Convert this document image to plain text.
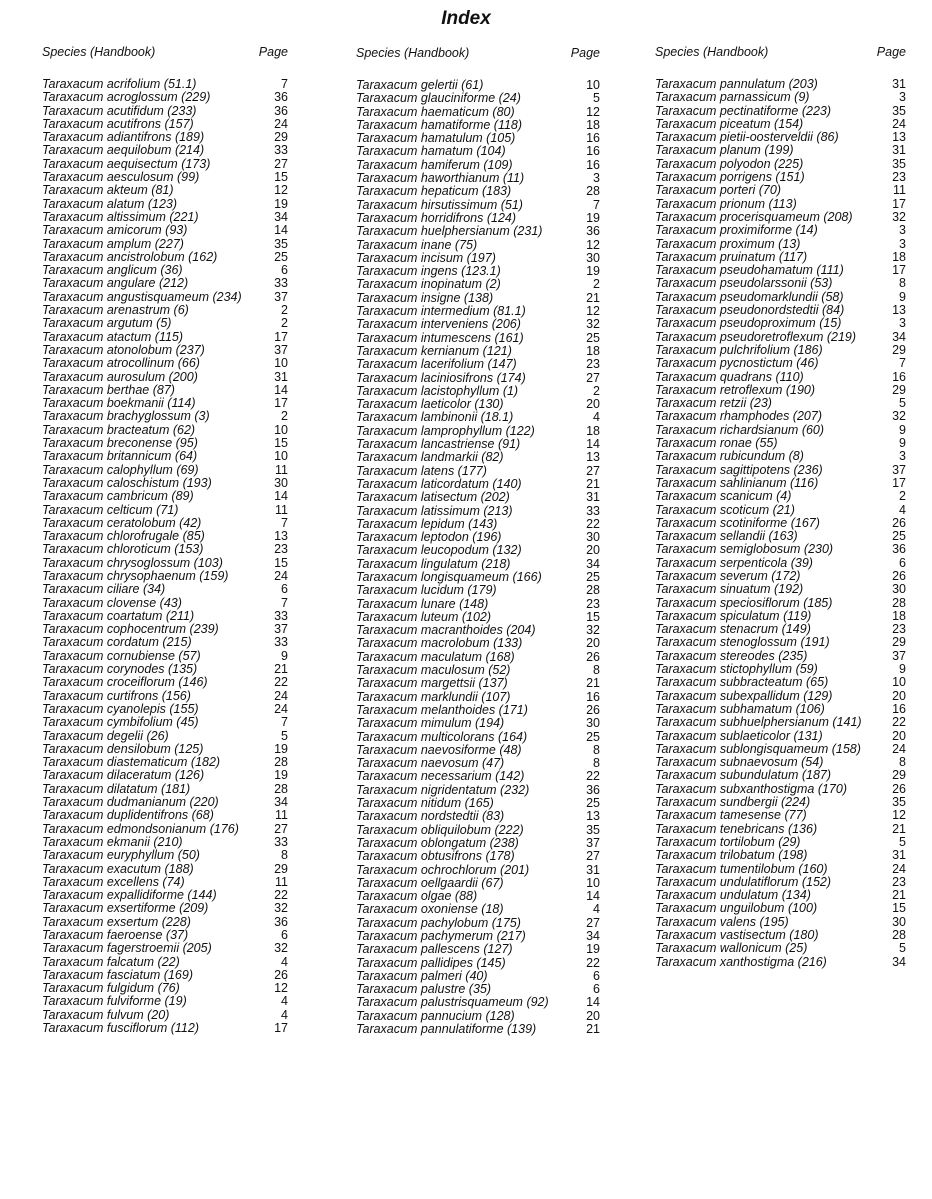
Index
Species (Handbook)	Page
Taraxacum acrifolium (51.1)	7
Taraxacum acroglossum (229)	36
Taraxacum acutifidum (233)	36
Taraxacum acutifrons (157)	24
Taraxacum adiantifrons (189)	29
Taraxacum aequilobum (214)	33
Taraxacum aequisectum (173)	27
Taraxacum aesculosum (99)	15
Taraxacum akteum (81)	12
Taraxacum alatum (123)	19
Taraxacum altissimum (221)	34
Taraxacum amicorum (93)	14
Taraxacum amplum (227)	35
Taraxacum ancistrolobum (162)	25
Taraxacum anglicum (36)	6
Taraxacum angulare (212)	33
Taraxacum angustisquameum (234)	37
Taraxacum arenastrum (6)	2
Taraxacum argutum (5)	2
Taraxacum atactum (115)	17
Taraxacum atonolobum (237)	37
Taraxacum atrocollinum (66)	10
Taraxacum aurosulum (200)	31
Taraxacum berthae (87)	14
Taraxacum boekmanii (114)	17
Taraxacum brachyglossum (3)	2
Taraxacum bracteatum (62)	10
Taraxacum breconense (95)	15
Taraxacum britannicum (64)	10
Taraxacum calophyllum (69)	11
Taraxacum caloschistum (193)	30
Taraxacum cambricum (89)	14
Taraxacum celticum (71)	11
Taraxacum ceratolobum (42)	7
Taraxacum chlorofrugale (85)	13
Taraxacum chloroticum (153)	23
Taraxacum chrysoglossum (103)	15
Taraxacum chrysophaenum (159)	24
Taraxacum ciliare (34)	6
Taraxacum clovense (43)	7
Taraxacum coartatum (211)	33
Taraxacum cophocentrum (239)	37
Taraxacum cordatum (215)	33
Taraxacum cornubiense (57)	9
Taraxacum corynodes (135)	21
Taraxacum croceiflorum (146)	22
Taraxacum curtifrons (156)	24
Taraxacum cyanolepis (155)	24
Taraxacum cymbifolium (45)	7
Taraxacum degelii (26)	5
Taraxacum densilobum (125)	19
Taraxacum diastematicum (182)	28
Taraxacum dilaceratum (126)	19
Taraxacum dilatatum (181)	28
Taraxacum dudmanianum (220)	34
Taraxacum duplidentifrons (68)	11
Taraxacum edmondsonianum (176)	27
Taraxacum ekmanii (210)	33
Taraxacum euryphyllum (50)	8
Taraxacum exacutum (188)	29
Taraxacum excellens (74)	11
Taraxacum expallidiforme (144)	22
Taraxacum exsertiforme (209)	32
Taraxacum exsertum (228)	36
Taraxacum faeroense (37)	6
Taraxacum fagerstroemii (205)	32
Taraxacum falcatum (22)	4
Taraxacum fasciatum (169)	26
Taraxacum fulgidum (76)	12
Taraxacum fulviforme (19)	4
Taraxacum fulvum (20)	4
Taraxacum fusciflorum (112)	17
Species (Handbook)	Page
Taraxacum gelertii (61)	10
Taraxacum glauciniforme (24)	5
Taraxacum haematicum (80)	12
Taraxacum hamatiforme (118)	18
Taraxacum hamatulum (105)	16
Taraxacum hamatum (104)	16
Taraxacum hamiferum (109)	16
Taraxacum haworthianum (11)	3
Taraxacum hepaticum (183)	28
Taraxacum hirsutissimum (51)	7
Taraxacum horridifrons (124)	19
Taraxacum huelphersianum (231)	36
Taraxacum inane (75)	12
Taraxacum incisum (197)	30
Taraxacum ingens (123.1)	19
Taraxacum inopinatum (2)	2
Taraxacum insigne (138)	21
Taraxacum intermedium (81.1)	12
Taraxacum interveniens (206)	32
Taraxacum intumescens (161)	25
Taraxacum kernianum (121)	18
Taraxacum lacerifolium (147)	23
Taraxacum laciniosifrons (174)	27
Taraxacum lacistophyllum (1)	2
Taraxacum laeticolor (130)	20
Taraxacum lambinonii (18.1)	4
Taraxacum lamprophyllum (122)	18
Taraxacum lancastriense (91)	14
Taraxacum landmarkii (82)	13
Taraxacum latens (177)	27
Taraxacum laticordatum (140)	21
Taraxacum latisectum (202)	31
Taraxacum latissimum (213)	33
Taraxacum lepidum (143)	22
Taraxacum leptodon (196)	30
Taraxacum leucopodum (132)	20
Taraxacum lingulatum (218)	34
Taraxacum longisquameum (166)	25
Taraxacum lucidum (179)	28
Taraxacum lunare (148)	23
Taraxacum luteum (102)	15
Taraxacum macranthoides (204)	32
Taraxacum macrolobum (133)	20
Taraxacum maculatum (168)	26
Taraxacum maculosum (52)	8
Taraxacum margettsii (137)	21
Taraxacum marklundii (107)	16
Taraxacum melanthoides (171)	26
Taraxacum mimulum (194)	30
Taraxacum multicolorans (164)	25
Taraxacum naevosiforme (48)	8
Taraxacum naevosum (47)	8
Taraxacum necessarium (142)	22
Taraxacum nigridentatum (232)	36
Taraxacum nitidum (165)	25
Taraxacum nordstedtii (83)	13
Taraxacum obliquilobum (222)	35
Taraxacum oblongatum (238)	37
Taraxacum obtusifrons (178)	27
Taraxacum ochrochlorum (201)	31
Taraxacum oellgaardii (67)	10
Taraxacum olgae (88)	14
Taraxacum oxoniense (18)	4
Taraxacum pachylobum (175)	27
Taraxacum pachymerum (217)	34
Taraxacum pallescens (127)	19
Taraxacum pallidipes (145)	22
Taraxacum palmeri (40)	6
Taraxacum palustre (35)	6
Taraxacum palustrisquameum (92)	14
Taraxacum pannucium (128)	20
Taraxacum pannulatiforme (139)	21
Species (Handbook)	Page
Taraxacum pannulatum (203)	31
Taraxacum parnassicum (9)	3
Taraxacum pectinatiforme (223)	35
Taraxacum piceatum (154)	24
Taraxacum pietii-oosterveldii (86)	13
Taraxacum planum (199)	31
Taraxacum polyodon (225)	35
Taraxacum porrigens (151)	23
Taraxacum porteri (70)	11
Taraxacum prionum (113)	17
Taraxacum procerisquameum (208)	32
Taraxacum proximiforme (14)	3
Taraxacum proximum (13)	3
Taraxacum pruinatum (117)	18
Taraxacum pseudohamatum (111)	17
Taraxacum pseudolarssonii (53)	8
Taraxacum pseudomarklundii (58)	9
Taraxacum pseudonordstedtii (84)	13
Taraxacum pseudoproximum (15)	3
Taraxacum pseudoretroflexum (219)	34
Taraxacum pulchrifolium (186)	29
Taraxacum pycnostictum (46)	7
Taraxacum quadrans (110)	16
Taraxacum retroflexum (190)	29
Taraxacum retzii (23)	5
Taraxacum rhamphodes (207)	32
Taraxacum richardsianum (60)	9
Taraxacum ronae (55)	9
Taraxacum rubicundum (8)	3
Taraxacum sagittipotens (236)	37
Taraxacum sahlinianum (116)	17
Taraxacum scanicum (4)	2
Taraxacum scoticum (21)	4
Taraxacum scotiniforme (167)	26
Taraxacum sellandii (163)	25
Taraxacum semiglobosum (230)	36
Taraxacum serpenticola (39)	6
Taraxacum severum (172)	26
Taraxacum sinuatum (192)	30
Taraxacum speciosiflorum (185)	28
Taraxacum spiculatum (119)	18
Taraxacum stenacrum (149)	23
Taraxacum stenoglossum (191)	29
Taraxacum stereodes (235)	37
Taraxacum stictophyllum (59)	9
Taraxacum subbracteatum (65)	10
Taraxacum subexpallidum (129)	20
Taraxacum subhamatum (106)	16
Taraxacum subhuelphersianum (141) 22
Taraxacum sublaeticolor (131)	20
Taraxacum sublongisquameum (158) 24
Taraxacum subnaevosum (54)	8
Taraxacum subundulatum (187)	29
Taraxacum subxanthostigma (170)	26
Taraxacum sundbergii (224)	35
Taraxacum tamesense (77)	12
Taraxacum tenebricans (136)	21
Taraxacum tortilobum (29)	5
Taraxacum trilobatum (198)	31
Taraxacum tumentilobum (160)	24
Taraxacum undulatiflorum (152)	23
Taraxacum undulatum (134)	21
Taraxacum unguilobum (100)	15
Taraxacum valens (195)	30
Taraxacum vastisectum (180)	28
Taraxacum wallonicum (25)	5
Taraxacum xanthostigma (216)	34
